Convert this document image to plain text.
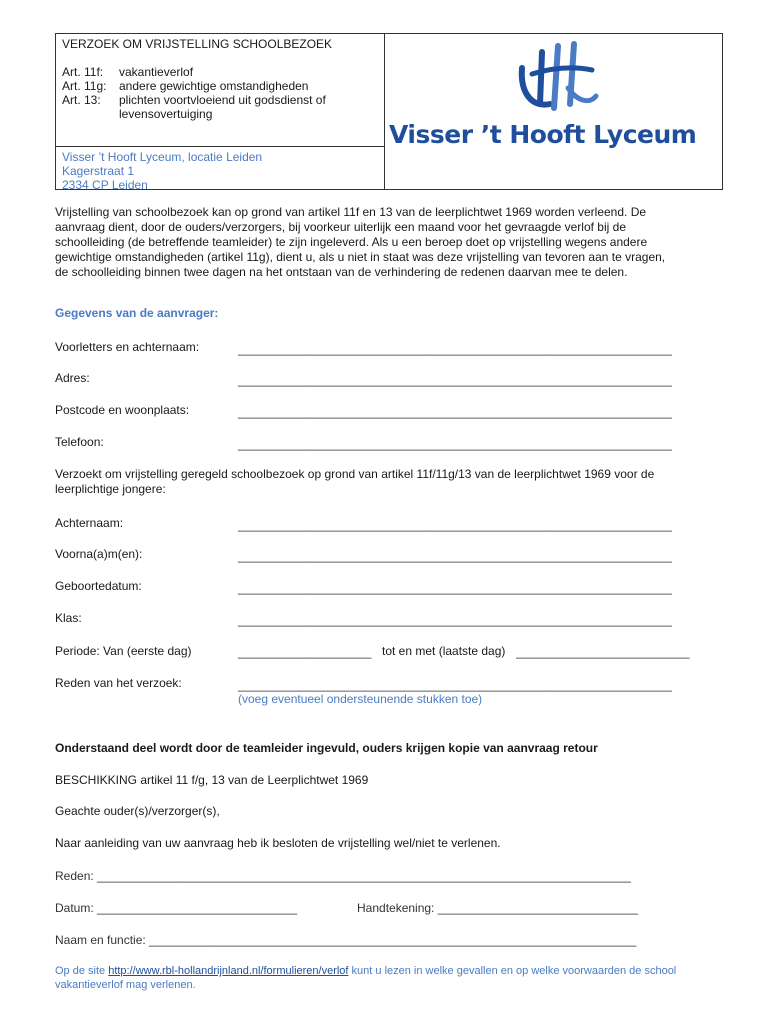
VERZOEK OM VRIJSTELLING SCHOOLBEZOEK
Art. 11f: vakantieverlof
Art. 11g: andere gewichtige omstandigheden
Art. 13: plichten voortvloeiend uit godsdienst of
levensovertuiging
Visser ’t Hooft Lyceum, locatie Leiden
Kagerstraat 1
2334 CP Leiden
Visser ’t Hooft Lyceum
Vrijstelling van schoolbezoek kan op grond van artikel 11f en 13 van de leerplichtwet 1969 worden verleend. De
aanvraag dient, door de ouders/verzorgers, bij voorkeur uiterlijk een maand voor het gevraagde verlof bij de
schoolleiding (de betreffende teamleider) te zijn ingeleverd. Als u een beroep doet op vrijstelling wegens andere
gewichtige omstandigheden (artikel 11g), dient u, als u niet in staat was deze vrijstelling van tevoren aan te vragen,
de schoolleiding binnen twee dagen na het ontstaan van de verhindering de redenen daarvan mee te delen.
Gegevens van de aanvrager:
Voorletters en achternaam:	_________________________________________________________________
Adres:	_________________________________________________________________
Postcode en woonplaats:	_________________________________________________________________
Telefoon:	_________________________________________________________________
Verzoekt om vrijstelling geregeld schoolbezoek op grond van artikel 11f/11g/13 van de leerplichtwet 1969 voor de
leerplichtige jongere:
Achternaam:	_________________________________________________________________
Voorna(a)m(en):	_________________________________________________________________
Geboortedatum:	_________________________________________________________________
Klas:	_________________________________________________________________
Periode: Van (eerste dag)	____________________ tot en met (laatste dag) __________________________
Reden van het verzoek:	_________________________________________________________________
(voeg eventueel ondersteunende stukken toe)
Onderstaand deel wordt door de teamleider ingevuld, ouders krijgen kopie van aanvraag retour
BESCHIKKING artikel 11 f/g, 13 van de Leerplichtwet 1969
Geachte ouder(s)/verzorger(s),
Naar aanleiding van uw aanvraag heb ik besloten de vrijstelling wel/niet te verlenen.
Reden: ________________________________________________________________________________
Datum: ______________________________	Handtekening: ______________________________
Naam en functie: _________________________________________________________________________
Op de site http://www.rbl-hollandrijnland.nl/formulieren/verlof kunt u lezen in welke gevallen en op welke voorwaarden de school
vakantieverlof mag verlenen.
